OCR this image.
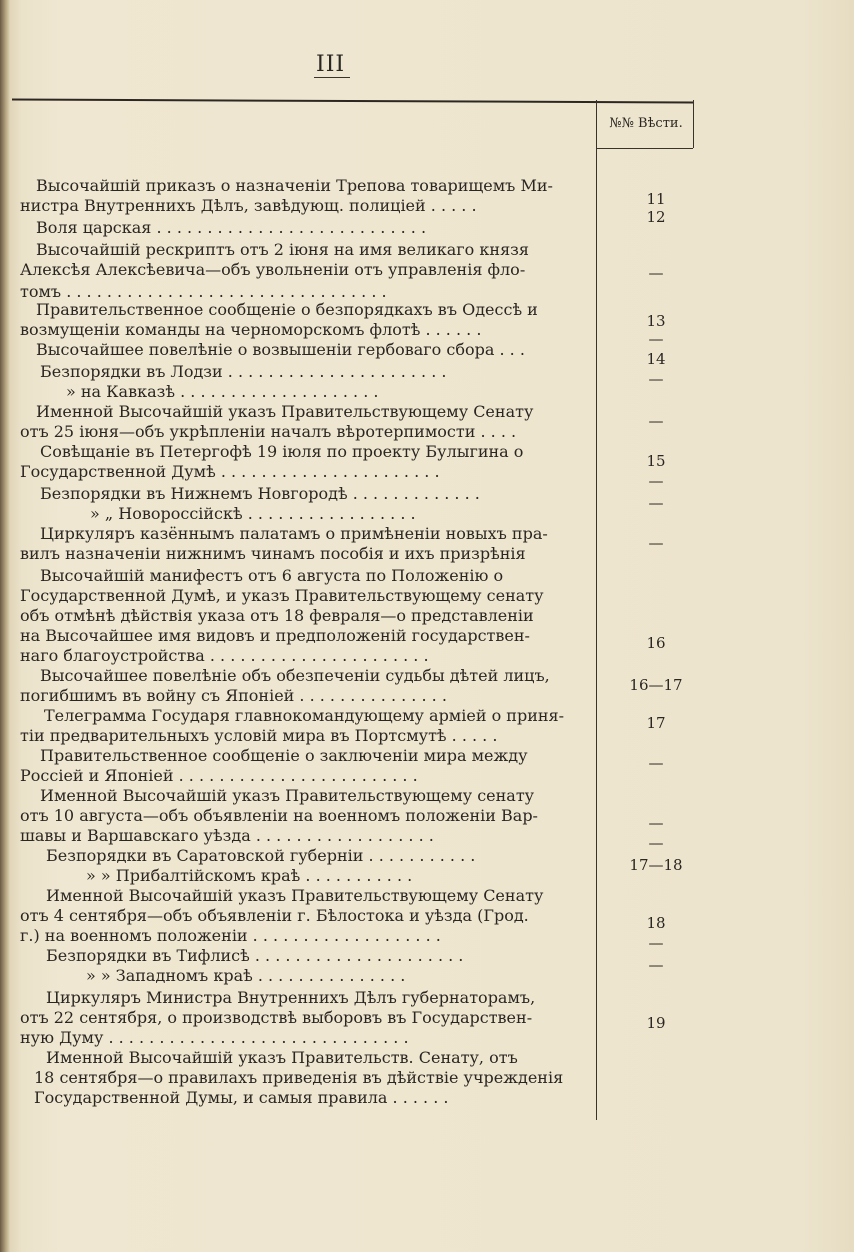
III
№№ Вѣсти.
Высочайшій приказъ о назначеніи Трепова товарищемъ Ми-
нистра Внутреннихъ Дѣлъ, завѣдующ. полиціей . . . . .
Воля царская . . . . . . . . . . . . . . . . . . . . . . . . . . .
Высочайшій рескриптъ отъ 2 іюня на имя великаго князя
Алексѣя Алексѣевича—объ увольненіи отъ управленія фло-
томъ . . . . . . . . . . . . . . . . . . . . . . . . . . . . . . . .
Правительственное сообщеніе о безпорядкахъ въ Одессѣ и
возмущеніи команды на черноморскомъ флотѣ . . . . . .
Высочайшее повелѣніе о возвышеніи гербоваго сбора . . .
Безпорядки въ Лодзи . . . . . . . . . . . . . . . . . . . . . .
» на Кавказѣ . . . . . . . . . . . . . . . . . . . .
Именной Высочайшій указъ Правительствующему Сенату
отъ 25 іюня—объ укрѣпленіи началъ вѣротерпимости . . . .
Совѣщаніе въ Петергофѣ 19 іюля по проекту Булыгина о
Государственной Думѣ . . . . . . . . . . . . . . . . . . . . . .
Безпорядки въ Нижнемъ Новгородѣ . . . . . . . . . . . . .
» „ Новороссійскѣ . . . . . . . . . . . . . . . . .
Циркуляръ казённымъ палатамъ о примѣненіи новыхъ пра-
вилъ назначеніи нижнимъ чинамъ пособія и ихъ призрѣнія
Высочайшій манифестъ отъ 6 августа по Положенію о
Государственной Думѣ, и указъ Правительствующему сенату
объ отмѣнѣ дѣйствія указа отъ 18 февраля—о представленіи
на Высочайшее имя видовъ и предположеній государствен-
наго благоустройства . . . . . . . . . . . . . . . . . . . . . .
Высочайшее повелѣніе объ обезпеченіи судьбы дѣтей лицъ,
погибшимъ въ войну съ Японіей . . . . . . . . . . . . . . .
Телеграмма Государя главнокомандующему арміей о приня-
тіи предварительныхъ условій мира въ Портсмутѣ . . . . .
Правительственное сообщеніе о заключеніи мира между
Россіей и Японіей . . . . . . . . . . . . . . . . . . . . . . . .
Именной Высочайшій указъ Правительствующему сенату
отъ 10 августа—объ объявленіи на военномъ положеніи Вар-
шавы и Варшавскаго уѣзда . . . . . . . . . . . . . . . . . .
Безпорядки въ Саратовской губерніи . . . . . . . . . . .
» » Прибалтійскомъ краѣ . . . . . . . . . . .
Именной Высочайшій указъ Правительствующему Сенату
отъ 4 сентября—объ объявленіи г. Бѣлостока и уѣзда (Грод.
г.) на военномъ положеніи . . . . . . . . . . . . . . . . . . .
Безпорядки въ Тифлисѣ . . . . . . . . . . . . . . . . . . . . .
» » Западномъ краѣ . . . . . . . . . . . . . . .
Циркуляръ Министра Внутреннихъ Дѣлъ губернаторамъ,
отъ 22 сентября, о производствѣ выборовъ въ Государствен-
ную Думу . . . . . . . . . . . . . . . . . . . . . . . . . . . . . .
Именной Высочайшій указъ Правительств. Сенату, отъ
18 сентября—о правилахъ приведенія въ дѣйствіе учрежденія
Государственной Думы, и самыя правила . . . . . .
11
12
—
13
—
14
—
—
15
—
—
—
16
16—17
17
—
—
—
17—18
18
—
—
19
